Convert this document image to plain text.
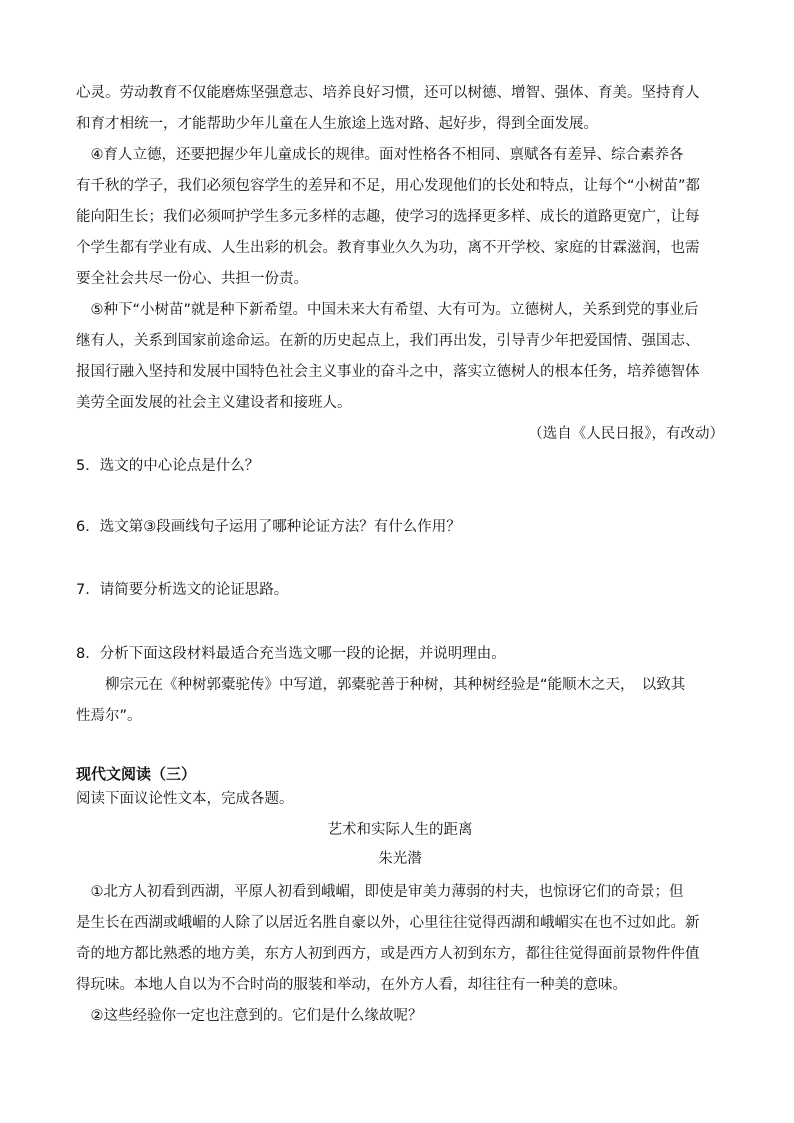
心灵。劳动教育不仅能磨炼坚强意志、培养良好习惯，还可以树德、增智、强体、育美。坚持育人
和育才相统一，才能帮助少年儿童在人生旅途上选对路、起好步，得到全面发展。
　④育人立德，还要把握少年儿童成长的规律。面对性格各不相同、禀赋各有差异、综合素养各
有千秋的学子，我们必须包容学生的差异和不足，用心发现他们的长处和特点，让每个“小树苗”都
能向阳生长；我们必须呵护学生多元多样的志趣，使学习的选择更多样、成长的道路更宽广，让每
个学生都有学业有成、人生出彩的机会。教育事业久久为功，离不开学校、家庭的甘霖滋润，也需
要全社会共尽一份心、共担一份责。
　⑤种下“小树苗”就是种下新希望。中国未来大有希望、大有可为。立德树人，关系到党的事业后
继有人，关系到国家前途命运。在新的历史起点上，我们再出发，引导青少年把爱国情、强国志、
报国行融入坚持和发展中国特色社会主义事业的奋斗之中，落实立德树人的根本任务，培养德智体
美劳全面发展的社会主义建设者和接班人。
（选自《人民日报》，有改动）
5．选文的中心论点是什么？
6．选文第③段画线句子运用了哪种论证方法？有什么作用？
7．请简要分析选文的论证思路。
8．分析下面这段材料最适合充当选文哪一段的论据，并说明理由。
　　柳宗元在《种树郭橐驼传》中写道，郭橐驼善于种树，其种树经验是“能顺木之天，　以致其
性焉尔”。
现代文阅读（三）
阅读下面议论性文本，完成各题。
艺术和实际人生的距离
朱光潜
　①北方人初看到西湖，平原人初看到峨嵋，即使是审美力薄弱的村夫，也惊讶它们的奇景；但
是生长在西湖或峨嵋的人除了以居近名胜自豪以外，心里往往觉得西湖和峨嵋实在也不过如此。新
奇的地方都比熟悉的地方美，东方人初到西方，或是西方人初到东方，都往往觉得面前景物件件值
得玩味。本地人自以为不合时尚的服装和举动，在外方人看，却往往有一种美的意味。
　②这些经验你一定也注意到的。它们是什么缘故呢？
